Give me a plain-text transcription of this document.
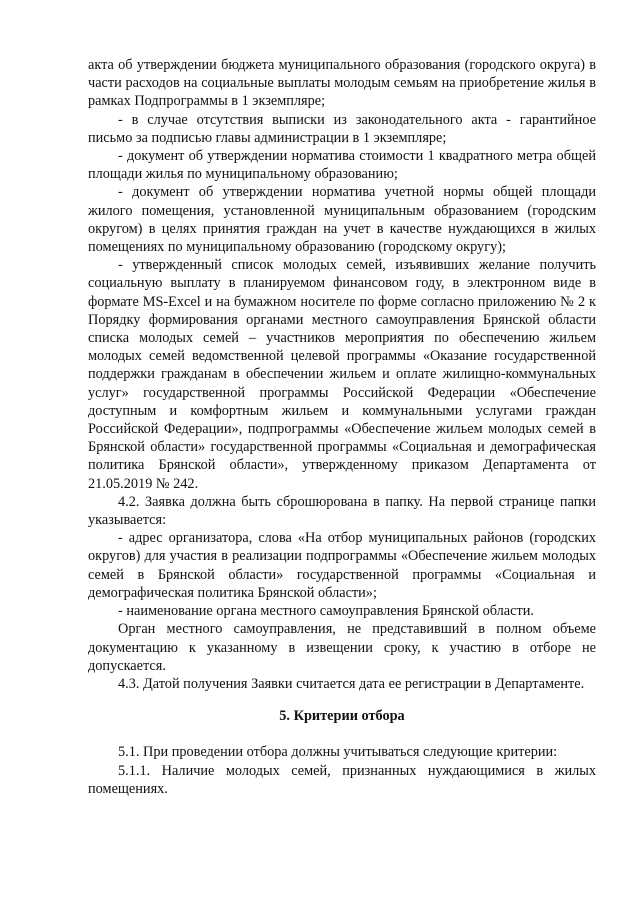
акта об утверждении бюджета муниципального образования (городского округа) в части расходов на социальные выплаты молодым семьям на приобретение жилья в рамках Подпрограммы в 1 экземпляре;

- в случае отсутствия выписки из законодательного акта - гарантийное письмо за подписью главы администрации в 1 экземпляре;

- документ об утверждении норматива стоимости 1 квадратного метра общей площади жилья по муниципальному образованию;

- документ об утверждении норматива учетной нормы общей площади жилого помещения, установленной муниципальным образованием (городским округом) в целях принятия граждан на учет в качестве нуждающихся в жилых помещениях по муниципальному образованию (городскому округу);

- утвержденный список молодых семей, изъявивших желание получить социальную выплату в планируемом финансовом году, в электронном виде в формате MS-Excel и на бумажном носителе по форме согласно приложению № 2 к Порядку формирования органами местного самоуправления Брянской области списка молодых семей – участников мероприятия по обеспечению жильем молодых семей ведомственной целевой программы «Оказание государственной поддержки гражданам в обеспечении жильем и оплате жилищно-коммунальных услуг» государственной программы Российской Федерации «Обеспечение доступным и комфортным жильем и коммунальными услугами граждан Российской Федерации», подпрограммы «Обеспечение жильем молодых семей в Брянской области» государственной программы «Социальная и демографическая политика Брянской области», утвержденному приказом Департамента от 21.05.2019 № 242.

4.2. Заявка должна быть сброшюрована в папку. На первой странице папки указывается:

- адрес организатора, слова «На отбор муниципальных районов (городских округов) для участия в реализации подпрограммы «Обеспечение жильем молодых семей в Брянской области» государственной программы «Социальная и демографическая политика Брянской области»;

- наименование органа местного самоуправления Брянской области.

Орган местного самоуправления, не представивший в полном объеме документацию к указанному в извещении сроку, к участию в отборе не допускается.

4.3. Датой получения Заявки считается дата ее регистрации в Департаменте.

5. Критерии отбора

5.1. При проведении отбора должны учитываться следующие критерии:

5.1.1. Наличие молодых семей, признанных нуждающимися в жилых помещениях.
